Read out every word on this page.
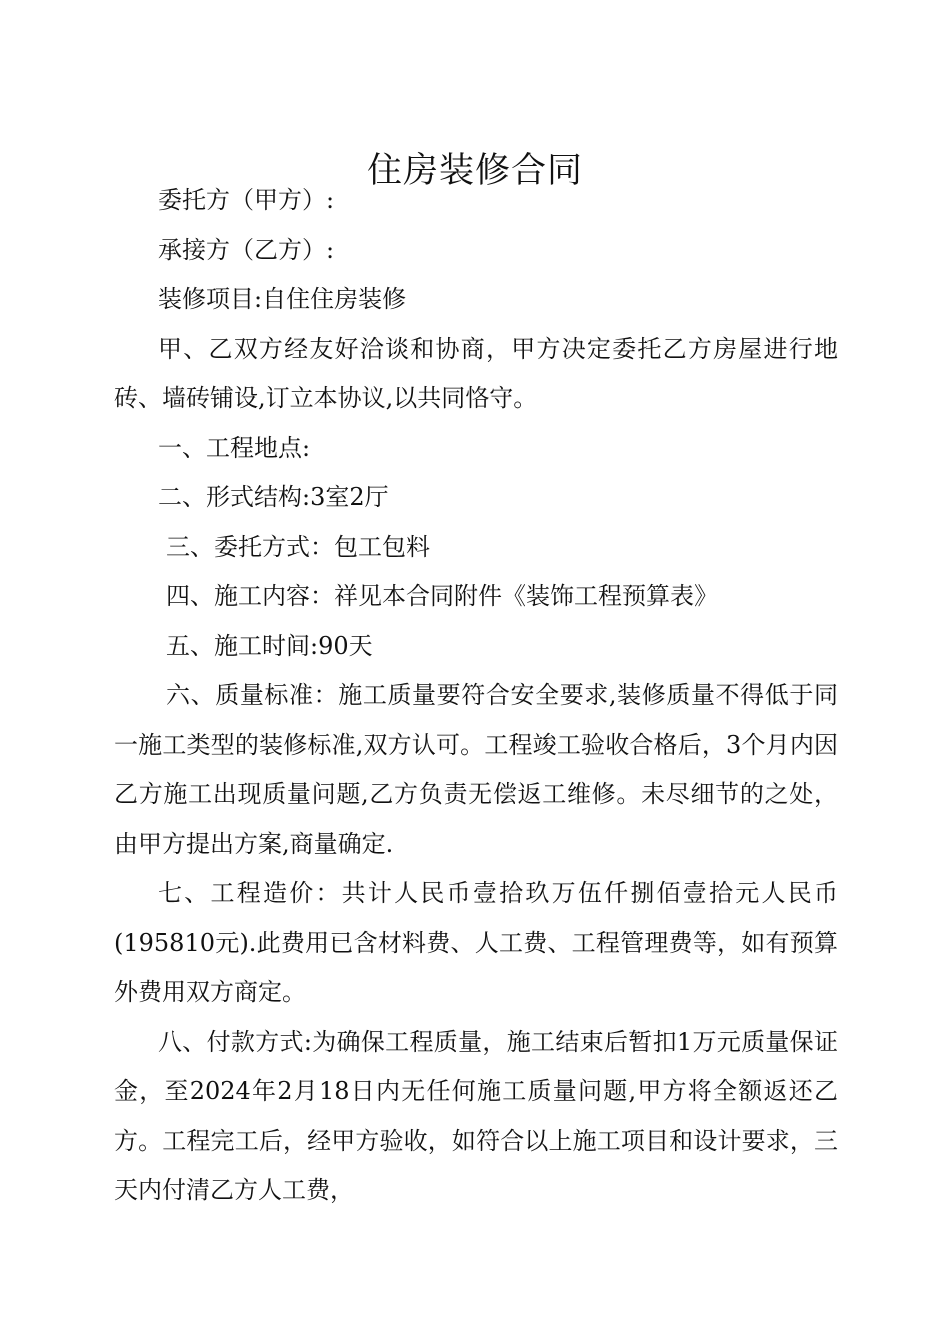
住房装修合同

委托方（甲方）:

承接方（乙方）:

装修项目:自住住房装修

甲、乙双方经友好洽谈和协商，甲方决定委托乙方房屋进行地砖、墙砖铺设,订立本协议,以共同恪守。

一、工程地点:

二、形式结构:3室2厅

三、委托方式：包工包料

四、施工内容：祥见本合同附件《装饰工程预算表》

五、施工时间:90天

六、质量标准：施工质量要符合安全要求,装修质量不得低于同一施工类型的装修标准,双方认可。工程竣工验收合格后，3个月内因乙方施工出现质量问题,乙方负责无偿返工维修。未尽细节的之处，由甲方提出方案,商量确定.

七、工程造价：共计人民币壹拾玖万伍仟捌佰壹拾元人民币(195810元).此费用已含材料费、人工费、工程管理费等，如有预算外费用双方商定。

八、付款方式:为确保工程质量，施工结束后暂扣1万元质量保证金，至2024年2月18日内无任何施工质量问题,甲方将全额返还乙方。工程完工后，经甲方验收，如符合以上施工项目和设计要求，三天内付清乙方人工费，
